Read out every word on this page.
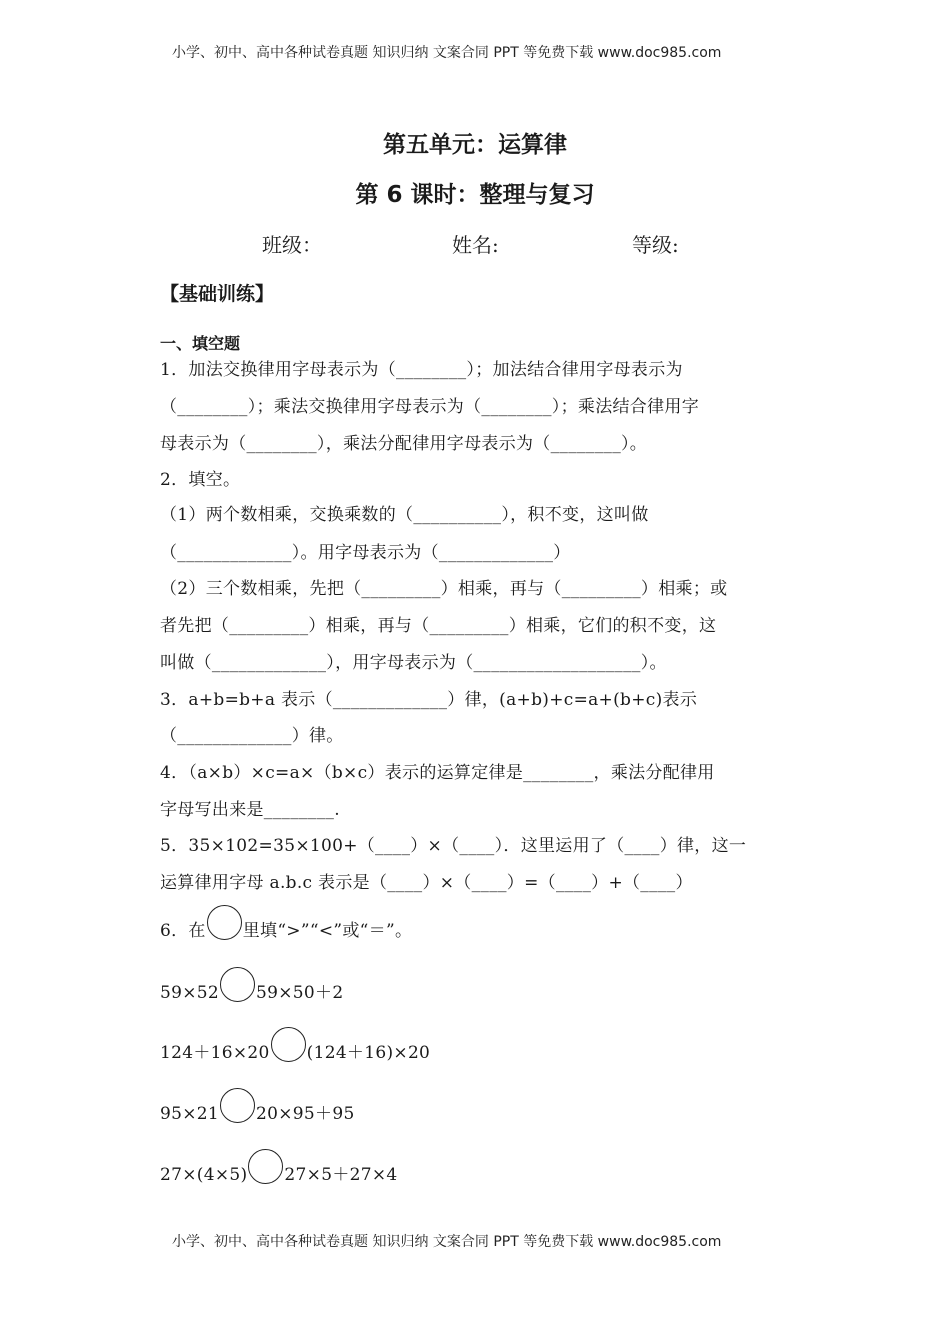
小学、初中、高中各种试卷真题 知识归纳 文案合同 PPT 等免费下载 www.doc985.com
第五单元：运算律
第 6 课时：整理与复习
班级：	姓名:	等级:
【基础训练】
一、填空题
1．加法交换律用字母表示为（________）；加法结合律用字母表示为
（________）；乘法交换律用字母表示为（________）；乘法结合律用字
母表示为（________），乘法分配律用字母表示为（________）。
2．填空。
（1）两个数相乘，交换乘数的（__________），积不变，这叫做
（_____________）。用字母表示为（_____________）
（2）三个数相乘，先把（_________）相乘，再与（_________）相乘；或
者先把（_________）相乘，再与（_________）相乘，它们的积不变，这
叫做（_____________），用字母表示为（___________________）。
3．a+b=b+a 表示（_____________）律，(a+b)+c=a+(b+c)表示
（_____________）律。
4．（a×b）×c=a×（b×c）表示的运算定律是________，乘法分配律用
字母写出来是________.
5．35×102=35×100+（____）×（____）．这里运用了（____）律，这一
运算律用字母 a.b.c 表示是（____）×（____）=（____）+（____）
6．在 里填“>”“<”或“＝”。
59×52 59×50＋2
124＋16×20 (124＋16)×20
95×21 20×95＋95
27×(4×5) 27×5＋27×4
小学、初中、高中各种试卷真题 知识归纳 文案合同 PPT 等免费下载 www.doc985.com
